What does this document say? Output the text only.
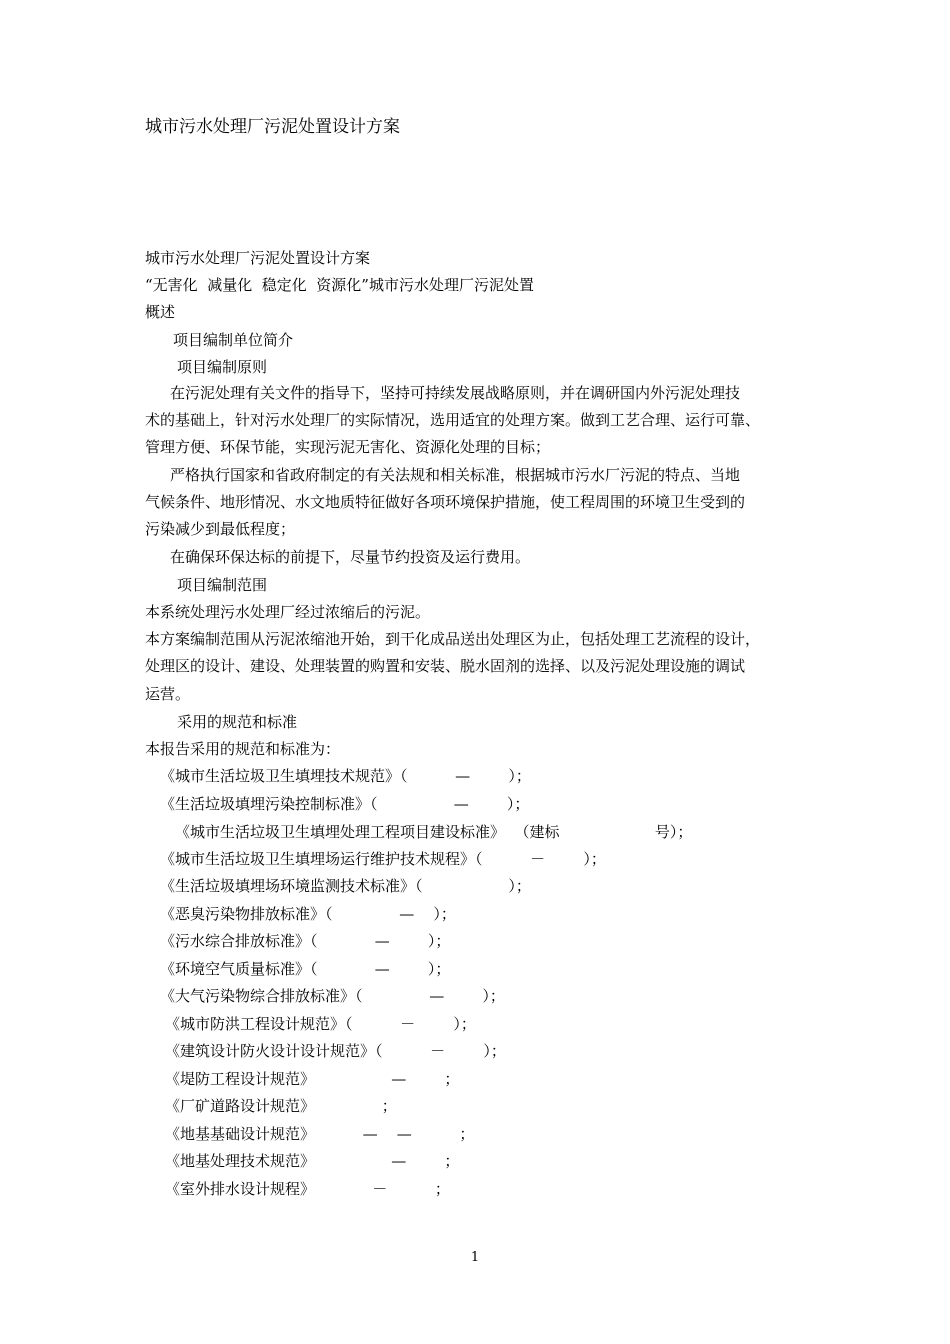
城市污水处理厂污泥处置设计方案
城市污水处理厂污泥处置设计方案
“无害化  减量化  稳定化  资源化”城市污水处理厂污泥处置
概述
项目编制单位简介
项目编制原则
在污泥处理有关文件的指导下，坚持可持续发展战略原则，并在调研国内外污泥处理技
术的基础上，针对污水处理厂的实际情况，选用适宜的处理方案。做到工艺合理、运行可靠、
管理方便、环保节能，实现污泥无害化、资源化处理的目标；
严格执行国家和省政府制定的有关法规和相关标准，根据城市污水厂污泥的特点、当地
气候条件、地形情况、水文地质特征做好各项环境保护措施，使工程周围的环境卫生受到的
污染减少到最低程度；
在确保环保达标的前提下，尽量节约投资及运行费用。
项目编制范围
本系统处理污水处理厂经过浓缩后的污泥。
本方案编制范围从污泥浓缩池开始，到干化成品送出处理区为止，包括处理工艺流程的设计，
处理区的设计、建设、处理装置的购置和安装、脱水固剂的选择、以及污泥处理设施的调试
运营。
采用的规范和标准
本报告采用的规范和标准为：
《城市生活垃圾卫生填埋技术规范》（          —        ）；
《生活垃圾填埋污染控制标准》（                —        ）；
《城市生活垃圾卫生填埋处理工程项目建设标准》  （建标                    号）；
《城市生活垃圾卫生填埋场运行维护技术规程》（          －        ）；
《生活垃圾填埋场环境监测技术标准》（                  ）；
《恶臭污染物排放标准》（              —    ）；
《污水综合排放标准》（            —        ）；
《环境空气质量标准》（            —        ）；
《大气污染物综合排放标准》（              —        ）；
《城市防洪工程设计规范》（          －        ）；
《建筑设计防火设计设计规范》（          －        ）；
《堤防工程设计规范》                —        ；
《厂矿道路设计规范》              ；
《地基基础设计规范》          —    —          ；
《地基处理技术规范》                —        ；
《室外排水设计规程》            －          ；
1
